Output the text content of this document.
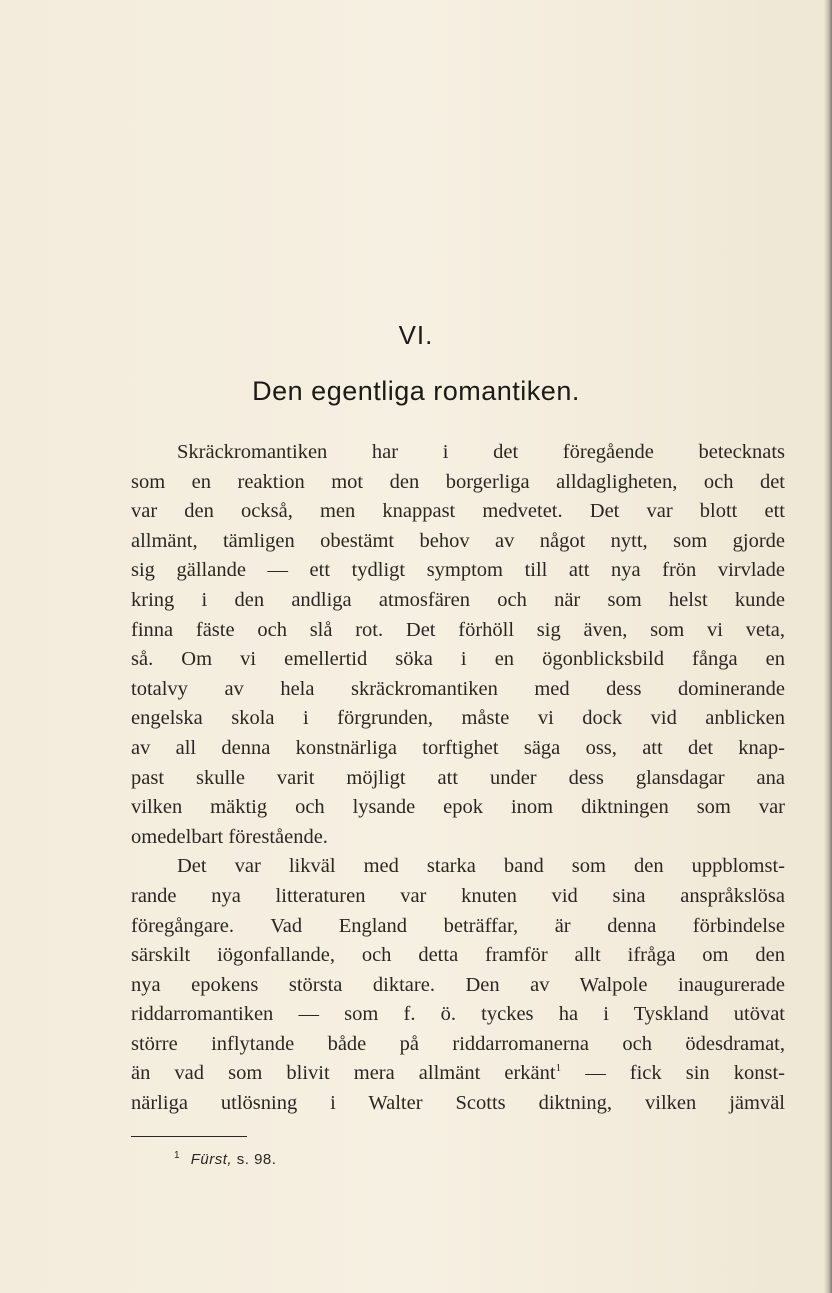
VI.
Den egentliga romantiken.
Skräckromantiken har i det föregående betecknats
som en reaktion mot den borgerliga alldagligheten, och det
var den också, men knappast medvetet. Det var blott ett
allmänt, tämligen obestämt behov av något nytt, som gjorde
sig gällande — ett tydligt symptom till att nya frön virvlade
kring i den andliga atmosfären och när som helst kunde
finna fäste och slå rot. Det förhöll sig även, som vi veta,
så. Om vi emellertid söka i en ögonblicksbild fånga en
totalvy av hela skräckromantiken med dess dominerande
engelska skola i förgrunden, måste vi dock vid anblicken
av all denna konstnärliga torftighet säga oss, att det knap-
past skulle varit möjligt att under dess glansdagar ana
vilken mäktig och lysande epok inom diktningen som var
omedelbart förestående.
Det var likväl med starka band som den uppblomst-
rande nya litteraturen var knuten vid sina anspråkslösa
föregångare. Vad England beträffar, är denna förbindelse
särskilt iögonfallande, och detta framför allt ifråga om den
nya epokens största diktare. Den av Walpole inaugurerade
riddarromantiken — som f. ö. tyckes ha i Tyskland utövat
större inflytande både på riddarromanerna och ödesdramat,
än vad som blivit mera allmänt erkänt$^1$ — fick sin konst-
närliga utlösning i Walter Scotts diktning, vilken jämväl
$^1$ Fürst, s. 98.
